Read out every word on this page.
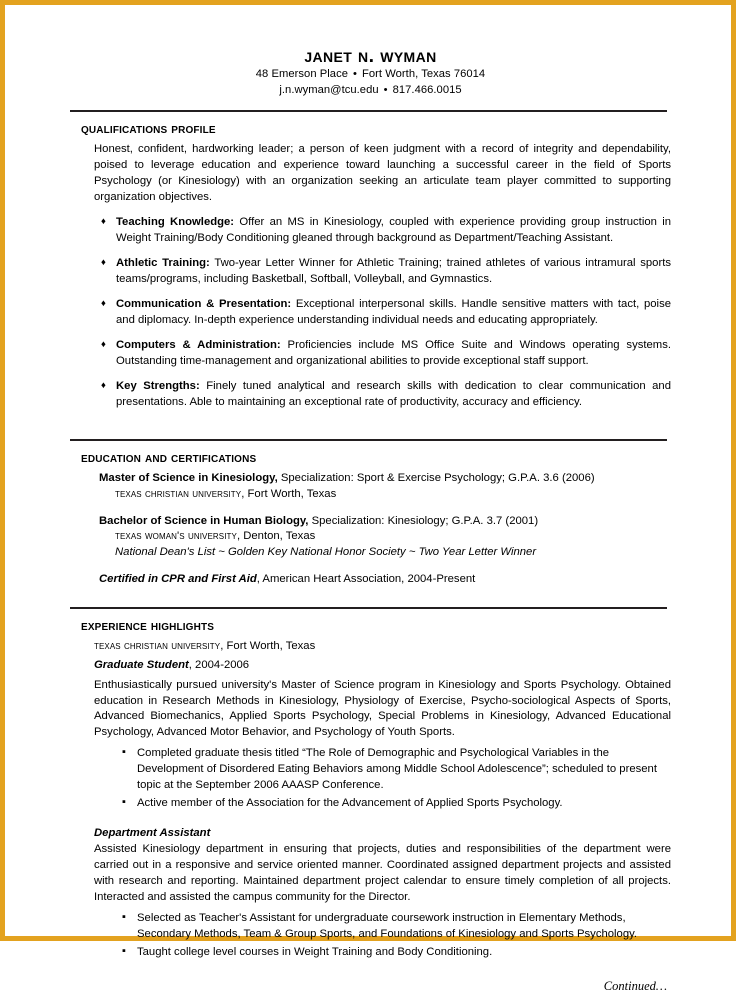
janet n. wyman
48 Emerson Place • Fort Worth, Texas 76014
j.n.wyman@tcu.edu • 817.466.0015
qualifications profile

Honest, confident, hardworking leader; a person of keen judgment with a record of integrity and dependability, poised to leverage education and experience toward launching a successful career in the field of Sports Psychology (or Kinesiology) with an organization seeking an articulate team player committed to supporting organization objectives.

♦ Teaching Knowledge: Offer an MS in Kinesiology, coupled with experience providing group instruction in Weight Training/Body Conditioning gleaned through background as Department/Teaching Assistant.
♦ Athletic Training: Two-year Letter Winner for Athletic Training; trained athletes of various intramural sports teams/programs, including Basketball, Softball, Volleyball, and Gymnastics.
♦ Communication & Presentation: Exceptional interpersonal skills. Handle sensitive matters with tact, poise and diplomacy. In-depth experience understanding individual needs and educating appropriately.
♦ Computers & Administration: Proficiencies include MS Office Suite and Windows operating systems. Outstanding time-management and organizational abilities to provide exceptional staff support.
♦ Key Strengths: Finely tuned analytical and research skills with dedication to clear communication and presentations. Able to maintaining an exceptional rate of productivity, accuracy and efficiency.
education and certifications
Master of Science in Kinesiology, Specialization: Sport & Exercise Psychology; G.P.A. 3.6 (2006)
texas christian university, Fort Worth, Texas
Bachelor of Science in Human Biology, Specialization: Kinesiology; G.P.A. 3.7 (2001)
texas woman's university, Denton, Texas
National Dean's List ~ Golden Key National Honor Society ~ Two Year Letter Winner
Certified in CPR and First Aid, American Heart Association, 2004-Present
experience highlights
texas christian university, Fort Worth, Texas
Graduate Student, 2004-2006

Enthusiastically pursued university's Master of Science program in Kinesiology and Sports Psychology. Obtained education in Research Methods in Kinesiology, Physiology of Exercise, Psycho-sociological Aspects of Sports, Advanced Biomechanics, Applied Sports Psychology, Special Problems in Kinesiology, Advanced Educational Psychology, Advanced Motor Behavior, and Psychology of Youth Sports.

▪ Completed graduate thesis titled “The Role of Demographic and Psychological Variables in the Development of Disordered Eating Behaviors among Middle School Adolescence”; scheduled to present topic at the September 2006 AAASP Conference.
▪ Active member of the Association for the Advancement of Applied Sports Psychology.
Department Assistant

Assisted Kinesiology department in ensuring that projects, duties and responsibilities of the department were carried out in a responsive and service oriented manner. Coordinated assigned department projects and assisted with research and reporting. Maintained department project calendar to ensure timely completion of all projects. Interacted and assisted the campus community for the Director.

▪ Selected as Teacher's Assistant for undergraduate coursework instruction in Elementary Methods, Secondary Methods, Team & Group Sports, and Foundations of Kinesiology and Sports Psychology.
▪ Taught college level courses in Weight Training and Body Conditioning.
Continued…
